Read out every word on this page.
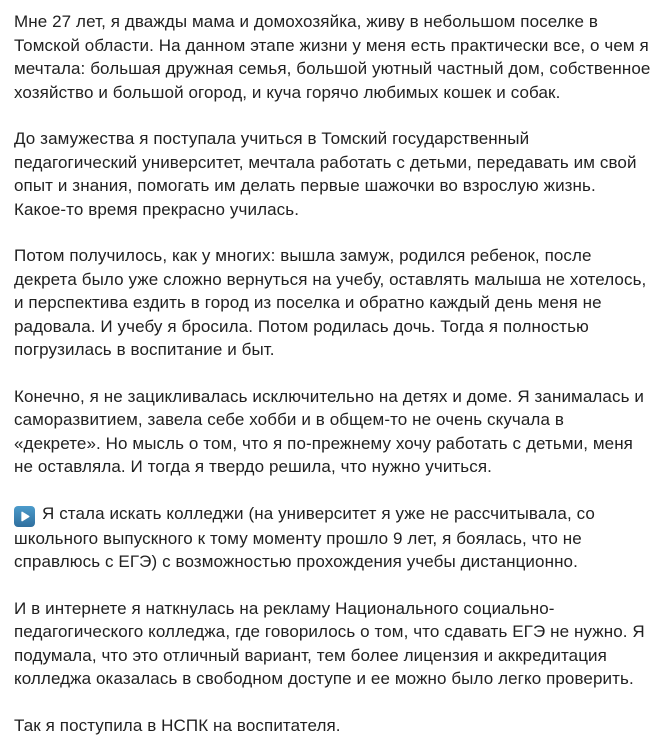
Мне 27 лет, я дважды мама и домохозяйка, живу в небольшом поселке в Томской области. На данном этапе жизни у меня есть практически все, о чем я мечтала: большая дружная семья, большой уютный частный дом, собственное хозяйство и большой огород, и куча горячо любимых кошек и собак.

До замужества я поступала учиться в Томский государственный педагогический университет, мечтала работать с детьми, передавать им свой опыт и знания, помогать им делать первые шажочки во взрослую жизнь. Какое-то время прекрасно училась.

Потом получилось, как у многих: вышла замуж, родился ребенок, после декрета было уже сложно вернуться на учебу, оставлять малыша не хотелось, и перспектива ездить в город из поселка и обратно каждый день меня не радовала. И учебу я бросила. Потом родилась дочь. Тогда я полностью погрузилась в воспитание и быт.

Конечно, я не зацикливалась исключительно на детях и доме. Я занималась и саморазвитием, завела себе хобби и в общем-то не очень скучала в «декрете». Но мысль о том, что я по-прежнему хочу работать с детьми, меня не оставляла. И тогда я твердо решила, что нужно учиться.

Я стала искать колледжи (на университет я уже не рассчитывала, со школьного выпускного к тому моменту прошло 9 лет, я боялась, что не справлюсь с ЕГЭ) с возможностью прохождения учебы дистанционно.

И в интернете я наткнулась на рекламу Национального социально-педагогического колледжа, где говорилось о том, что сдавать ЕГЭ не нужно. Я подумала, что это отличный вариант, тем более лицензия и аккредитация колледжа оказалась в свободном доступе и ее можно было легко проверить.

Так я поступила в НСПК на воспитателя.
